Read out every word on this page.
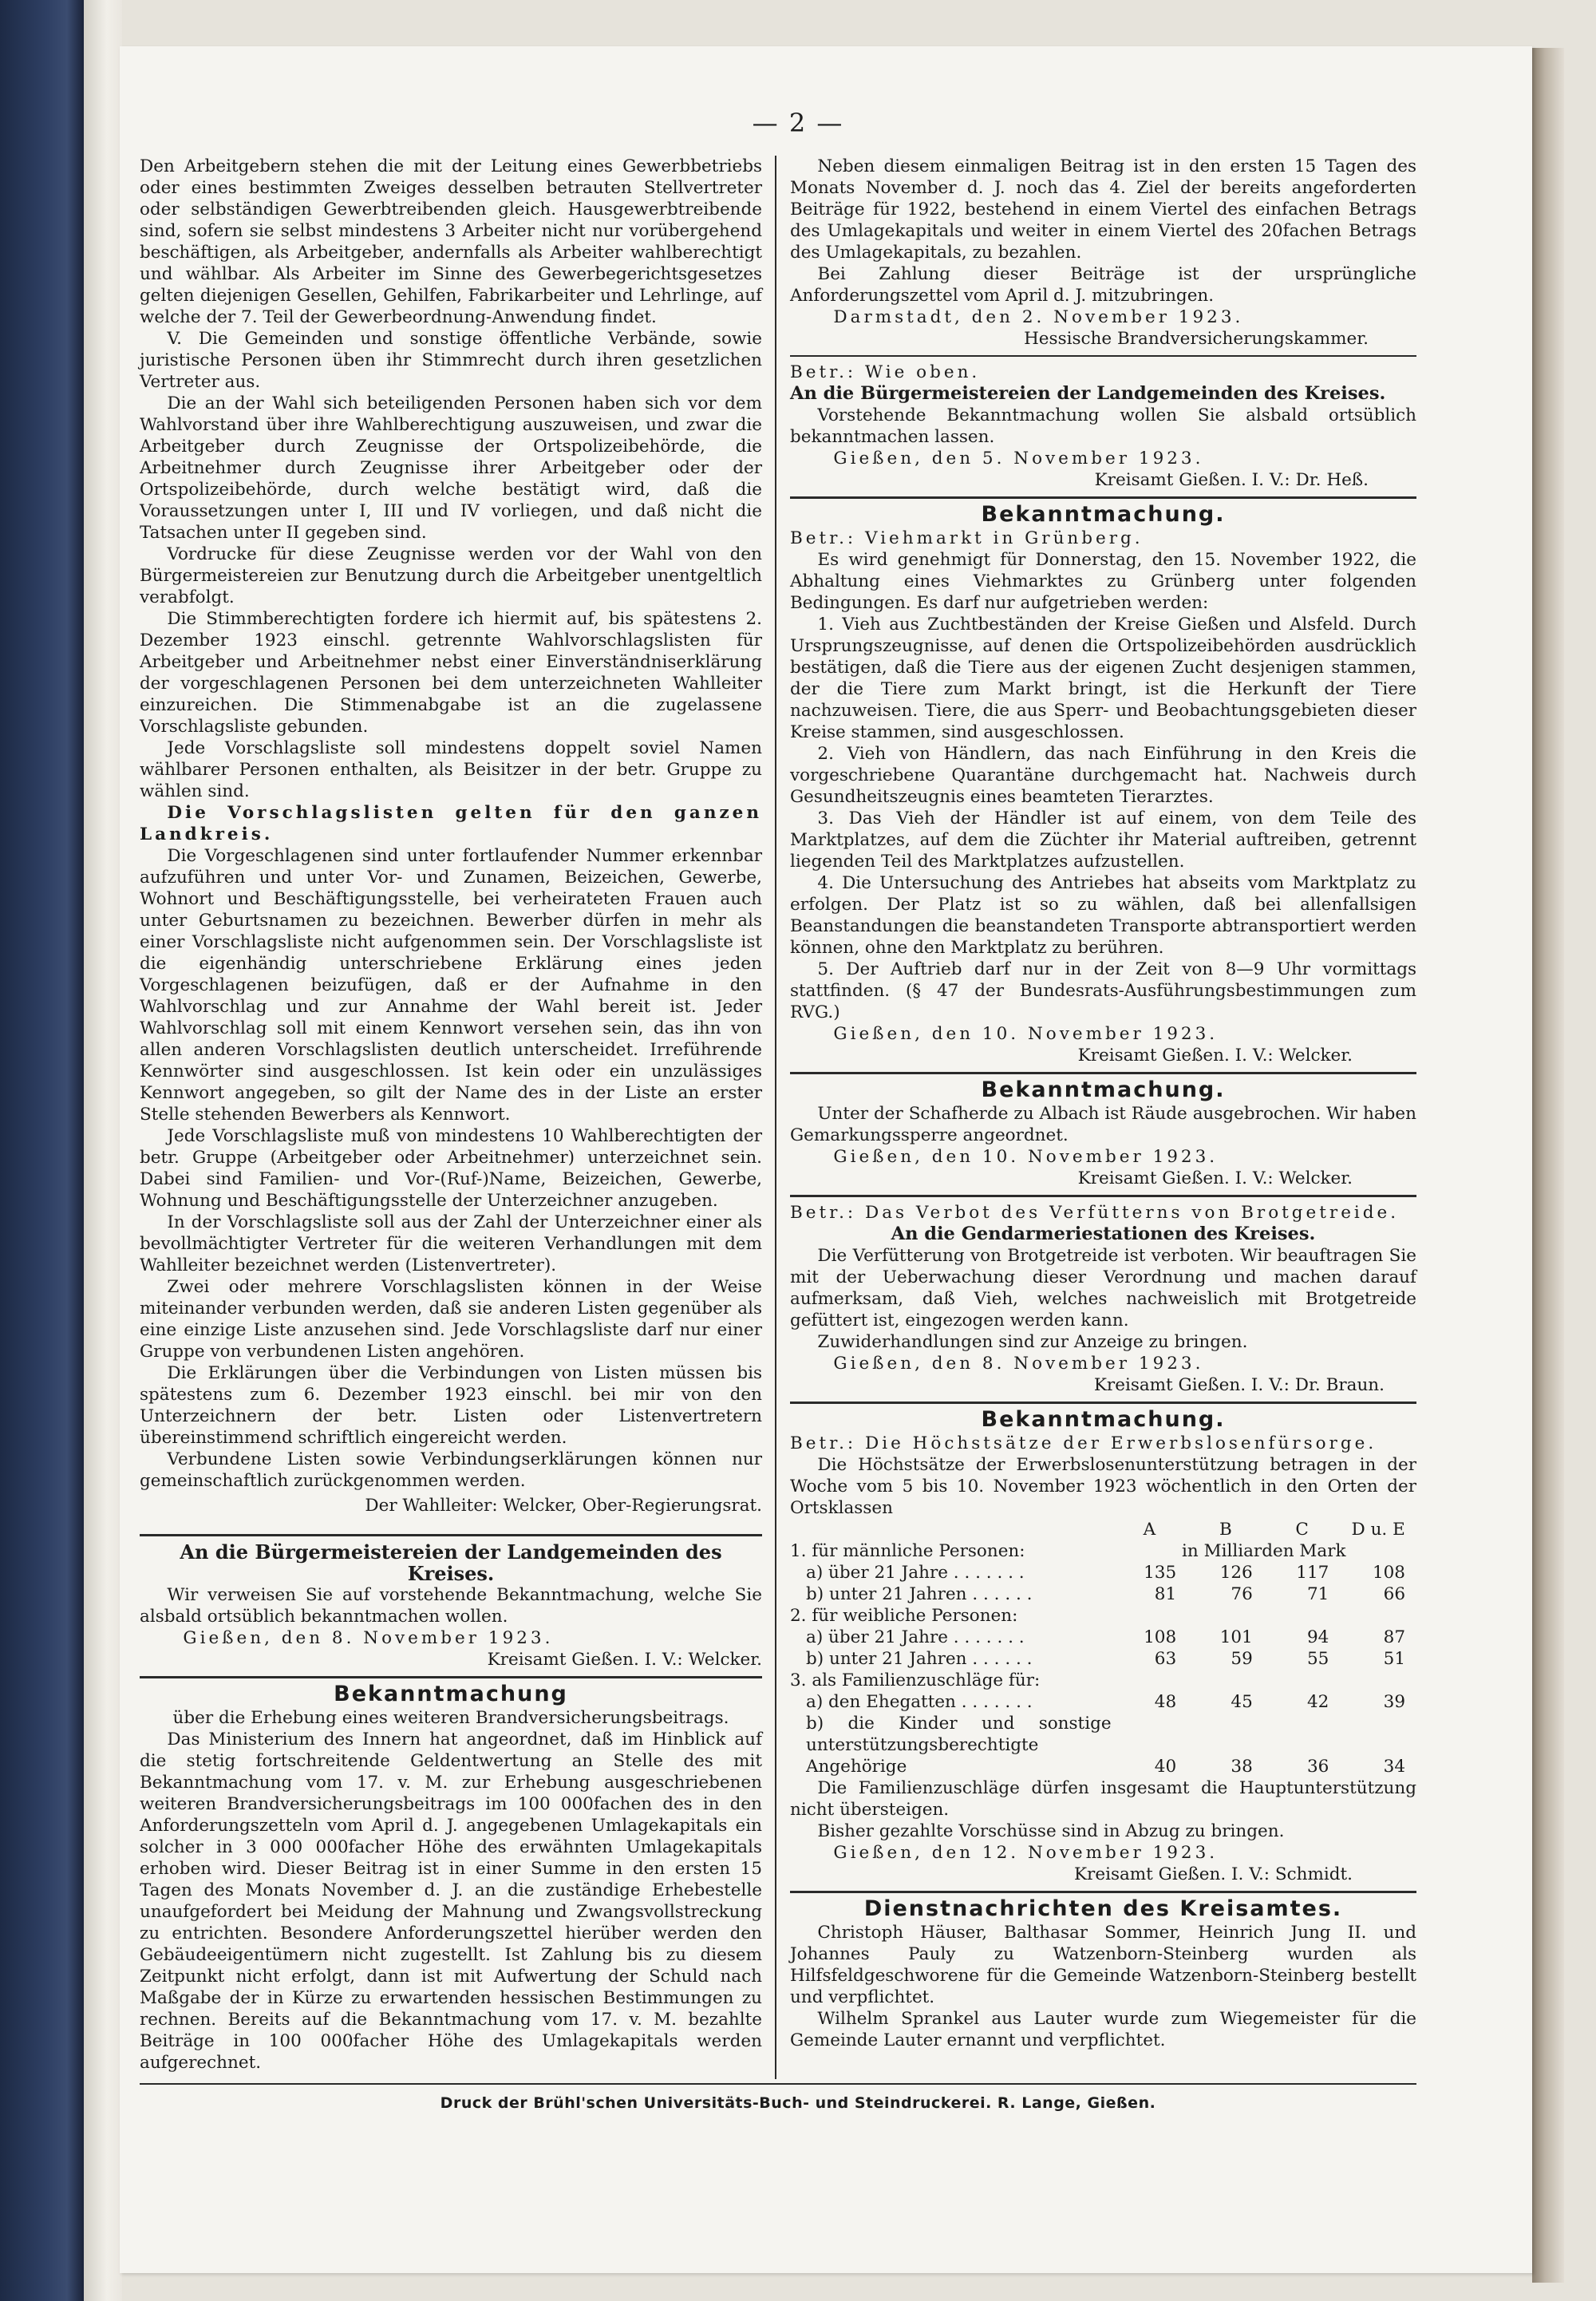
— 2 —

Den Arbeitgebern stehen die mit der Leitung eines Gewerbbetriebs oder eines bestimmten Zweiges desselben betrauten Stellvertreter oder selbständigen Gewerbtreibenden gleich. Hausgewerbtreibende sind, sofern sie selbst mindestens 3 Arbeiter nicht nur vorübergehend beschäftigen, als Arbeitgeber, andernfalls als Arbeiter wahlberechtigt und wählbar. Als Arbeiter im Sinne des Gewerbegerichtsgesetzes gelten diejenigen Gesellen, Gehilfen, Fabrikarbeiter und Lehrlinge, auf welche der 7. Teil der Gewerbeordnung-Anwendung findet.

V. Die Gemeinden und sonstige öffentliche Verbände, sowie juristische Personen üben ihr Stimmrecht durch ihren gesetzlichen Vertreter aus.

Die an der Wahl sich beteiligenden Personen haben sich vor dem Wahlvorstand über ihre Wahlberechtigung auszuweisen, und zwar die Arbeitgeber durch Zeugnisse der Ortspolizeibehörde, die Arbeitnehmer durch Zeugnisse ihrer Arbeitgeber oder der Ortspolizeibehörde, durch welche bestätigt wird, daß die Voraussetzungen unter I, III und IV vorliegen, und daß nicht die Tatsachen unter II gegeben sind.

Vordrucke für diese Zeugnisse werden vor der Wahl von den Bürgermeistereien zur Benutzung durch die Arbeitgeber unentgeltlich verabfolgt.

Die Stimmberechtigten fordere ich hiermit auf, bis spätestens 2. Dezember 1923 einschl. getrennte Wahlvorschlagslisten für Arbeitgeber und Arbeitnehmer nebst einer Einverständniserklärung der vorgeschlagenen Personen bei dem unterzeichneten Wahlleiter einzureichen. Die Stimmenabgabe ist an die zugelassene Vorschlagsliste gebunden.

Jede Vorschlagsliste soll mindestens doppelt soviel Namen wählbarer Personen enthalten, als Beisitzer in der betr. Gruppe zu wählen sind.

Die Vorschlagslisten gelten für den ganzen Landkreis.

Die Vorgeschlagenen sind unter fortlaufender Nummer erkennbar aufzuführen und unter Vor- und Zunamen, Beizeichen, Gewerbe, Wohnort und Beschäftigungsstelle, bei verheirateten Frauen auch unter Geburtsnamen zu bezeichnen. Bewerber dürfen in mehr als einer Vorschlagsliste nicht aufgenommen sein. Der Vorschlagsliste ist die eigenhändig unterschriebene Erklärung eines jeden Vorgeschlagenen beizufügen, daß er der Aufnahme in den Wahlvorschlag und zur Annahme der Wahl bereit ist. Jeder Wahlvorschlag soll mit einem Kennwort versehen sein, das ihn von allen anderen Vorschlagslisten deutlich unterscheidet. Irreführende Kennwörter sind ausgeschlossen. Ist kein oder ein unzulässiges Kennwort angegeben, so gilt der Name des in der Liste an erster Stelle stehenden Bewerbers als Kennwort.

Jede Vorschlagsliste muß von mindestens 10 Wahlberechtigten der betr. Gruppe (Arbeitgeber oder Arbeitnehmer) unterzeichnet sein. Dabei sind Familien- und Vor-(Ruf-)Name, Beizeichen, Gewerbe, Wohnung und Beschäftigungsstelle der Unterzeichner anzugeben.

In der Vorschlagsliste soll aus der Zahl der Unterzeichner einer als bevollmächtigter Vertreter für die weiteren Verhandlungen mit dem Wahlleiter bezeichnet werden (Listenvertreter).

Zwei oder mehrere Vorschlagslisten können in der Weise miteinander verbunden werden, daß sie anderen Listen gegenüber als eine einzige Liste anzusehen sind. Jede Vorschlagsliste darf nur einer Gruppe von verbundenen Listen angehören.

Die Erklärungen über die Verbindungen von Listen müssen bis spätestens zum 6. Dezember 1923 einschl. bei mir von den Unterzeichnern der betr. Listen oder Listenvertretern übereinstimmend schriftlich eingereicht werden.

Verbundene Listen sowie Verbindungserklärungen können nur gemeinschaftlich zurückgenommen werden.

Der Wahlleiter: Welcker, Ober-Regierungsrat.

An die Bürgermeistereien der Landgemeinden des Kreises.

Wir verweisen Sie auf vorstehende Bekanntmachung, welche Sie alsbald ortsüblich bekanntmachen wollen.

Gießen, den 8. November 1923.

Kreisamt Gießen. I. V.: Welcker.

Bekanntmachung

über die Erhebung eines weiteren Brandversicherungsbeitrags.

Das Ministerium des Innern hat angeordnet, daß im Hinblick auf die stetig fortschreitende Geldentwertung an Stelle des mit Bekanntmachung vom 17. v. M. zur Erhebung ausgeschriebenen weiteren Brandversicherungsbeitrags im 100 000fachen des in den Anforderungszetteln vom April d. J. angegebenen Umlagekapitals ein solcher in 3 000 000facher Höhe des erwähnten Umlagekapitals erhoben wird. Dieser Beitrag ist in einer Summe in den ersten 15 Tagen des Monats November d. J. an die zuständige Erhebestelle unaufgefordert bei Meidung der Mahnung und Zwangsvollstreckung zu entrichten. Besondere Anforderungszettel hierüber werden den Gebäudeeigentümern nicht zugestellt. Ist Zahlung bis zu diesem Zeitpunkt nicht erfolgt, dann ist mit Aufwertung der Schuld nach Maßgabe der in Kürze zu erwartenden hessischen Bestimmungen zu rechnen. Bereits auf die Bekanntmachung vom 17. v. M. bezahlte Beiträge in 100 000facher Höhe des Umlagekapitals werden aufgerechnet.

Neben diesem einmaligen Beitrag ist in den ersten 15 Tagen des Monats November d. J. noch das 4. Ziel der bereits angeforderten Beiträge für 1922, bestehend in einem Viertel des einfachen Betrags des Umlagekapitals und weiter in einem Viertel des 20fachen Betrags des Umlagekapitals, zu bezahlen.

Bei Zahlung dieser Beiträge ist der ursprüngliche Anforderungszettel vom April d. J. mitzubringen.

Darmstadt, den 2. November 1923.

Hessische Brandversicherungskammer.

Betr.: Wie oben.

An die Bürgermeistereien der Landgemeinden des Kreises.

Vorstehende Bekanntmachung wollen Sie alsbald ortsüblich bekanntmachen lassen.

Gießen, den 5. November 1923.

Kreisamt Gießen. I. V.: Dr. Heß.

Bekanntmachung.

Betr.: Viehmarkt in Grünberg.

Es wird genehmigt für Donnerstag, den 15. November 1922, die Abhaltung eines Viehmarktes zu Grünberg unter folgenden Bedingungen. Es darf nur aufgetrieben werden:

1. Vieh aus Zuchtbeständen der Kreise Gießen und Alsfeld. Durch Ursprungszeugnisse, auf denen die Ortspolizeibehörden ausdrücklich bestätigen, daß die Tiere aus der eigenen Zucht desjenigen stammen, der die Tiere zum Markt bringt, ist die Herkunft der Tiere nachzuweisen. Tiere, die aus Sperr- und Beobachtungsgebieten dieser Kreise stammen, sind ausgeschlossen.

2. Vieh von Händlern, das nach Einführung in den Kreis die vorgeschriebene Quarantäne durchgemacht hat. Nachweis durch Gesundheitszeugnis eines beamteten Tierarztes.

3. Das Vieh der Händler ist auf einem, von dem Teile des Marktplatzes, auf dem die Züchter ihr Material auftreiben, getrennt liegenden Teil des Marktplatzes aufzustellen.

4. Die Untersuchung des Antriebes hat abseits vom Marktplatz zu erfolgen. Der Platz ist so zu wählen, daß bei allenfallsigen Beanstandungen die beanstandeten Transporte abtransportiert werden können, ohne den Marktplatz zu berühren.

5. Der Auftrieb darf nur in der Zeit von 8—9 Uhr vormittags stattfinden. (§ 47 der Bundesrats-Ausführungsbestimmungen zum RVG.)

Gießen, den 10. November 1923.

Kreisamt Gießen. I. V.: Welcker.

Bekanntmachung.

Unter der Schafherde zu Albach ist Räude ausgebrochen. Wir haben Gemarkungssperre angeordnet.

Gießen, den 10. November 1923.

Kreisamt Gießen. I. V.: Welcker.

Betr.: Das Verbot des Verfütterns von Brotgetreide.

An die Gendarmeriestationen des Kreises.

Die Verfütterung von Brotgetreide ist verboten. Wir beauftragen Sie mit der Ueberwachung dieser Verordnung und machen darauf aufmerksam, daß Vieh, welches nachweislich mit Brotgetreide gefüttert ist, eingezogen werden kann.

Zuwiderhandlungen sind zur Anzeige zu bringen.

Gießen, den 8. November 1923.

Kreisamt Gießen. I. V.: Dr. Braun.

Bekanntmachung.

Betr.: Die Höchstsätze der Erwerbslosenfürsorge.

Die Höchstsätze der Erwerbslosenunterstützung betragen in der Woche vom 5 bis 10. November 1923 wöchentlich in den Orten der Ortsklassen

	A	B	C	D u. E
1. für männliche Personen:	in Milliarden Mark			
a) über 21 Jahre . . . . . . .	135	126	117	108
b) unter 21 Jahren . . . . . .	81	76	71	66
2. für weibliche Personen:				
a) über 21 Jahre . . . . . . .	108	101	94	87
b) unter 21 Jahren . . . . . .	63	59	55	51
3. als Familienzuschläge für:				
a) den Ehegatten . . . . . . .	48	45	42	39
b) die Kinder und sonstige unterstützungsberechtigte Angehörige	40	38	36	34

Die Familienzuschläge dürfen insgesamt die Hauptunterstützung nicht übersteigen.

Bisher gezahlte Vorschüsse sind in Abzug zu bringen.

Gießen, den 12. November 1923.

Kreisamt Gießen. I. V.: Schmidt.

Dienstnachrichten des Kreisamtes.

Christoph Häuser, Balthasar Sommer, Heinrich Jung II. und Johannes Pauly zu Watzenborn-Steinberg wurden als Hilfsfeldgeschworene für die Gemeinde Watzenborn-Steinberg bestellt und verpflichtet.

Wilhelm Sprankel aus Lauter wurde zum Wiegemeister für die Gemeinde Lauter ernannt und verpflichtet.

Druck der Brühl'schen Universitäts-Buch- und Steindruckerei. R. Lange, Gießen.
